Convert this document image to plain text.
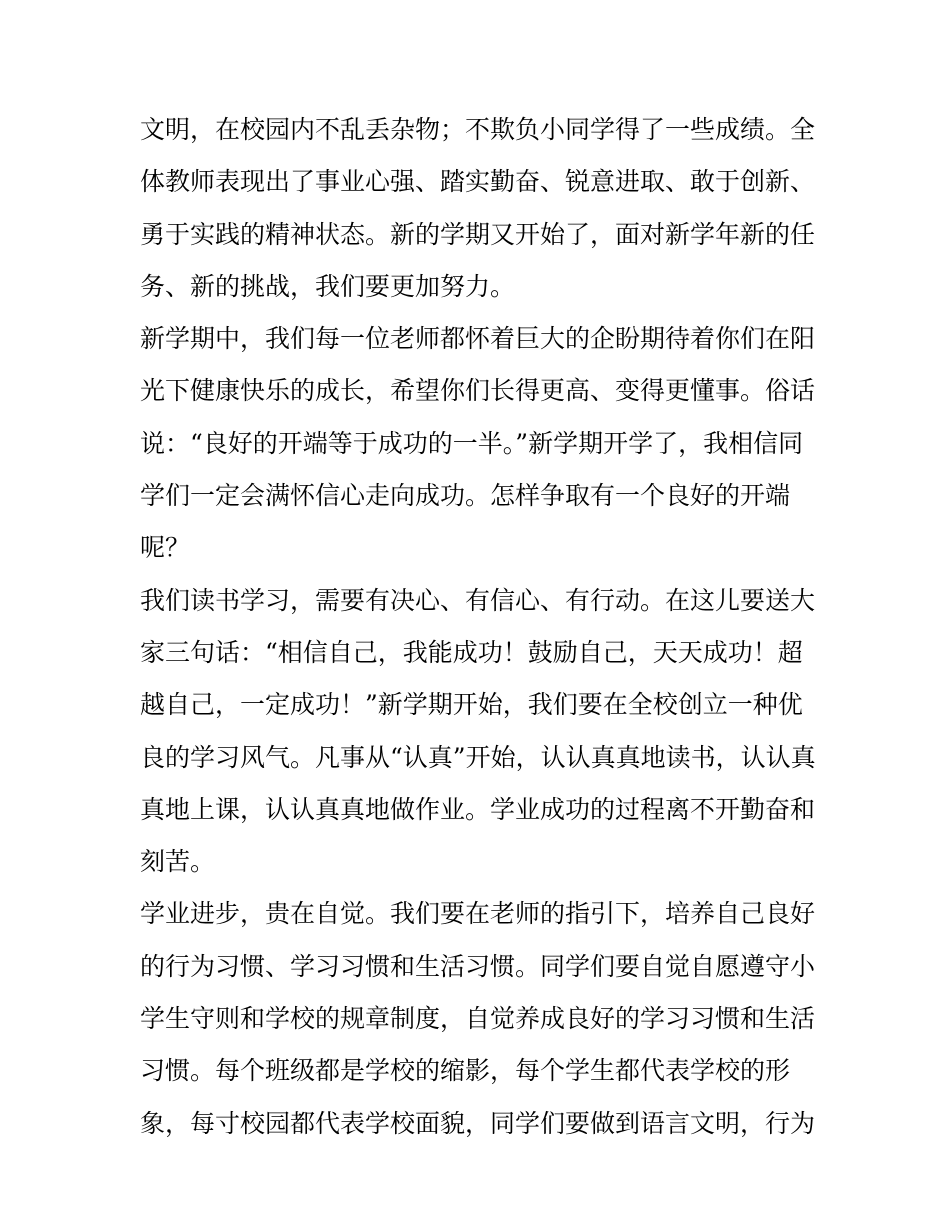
文明，在校园内不乱丢杂物；不欺负小同学得了一些成绩。全
体教师表现出了事业心强、踏实勤奋、锐意进取、敢于创新、
勇于实践的精神状态。新的学期又开始了，面对新学年新的任
务、新的挑战，我们要更加努力。
新学期中，我们每一位老师都怀着巨大的企盼期待着你们在阳
光下健康快乐的成长，希望你们长得更高、变得更懂事。俗话
说：“良好的开端等于成功的一半。”新学期开学了，我相信同
学们一定会满怀信心走向成功。怎样争取有一个良好的开端
呢？
我们读书学习，需要有决心、有信心、有行动。在这儿要送大
家三句话：“相信自己，我能成功！鼓励自己，天天成功！超
越自己，一定成功！”新学期开始，我们要在全校创立一种优
良的学习风气。凡事从“认真”开始，认认真真地读书，认认真
真地上课，认认真真地做作业。学业成功的过程离不开勤奋和
刻苦。
学业进步，贵在自觉。我们要在老师的指引下，培养自己良好
的行为习惯、学习习惯和生活习惯。同学们要自觉自愿遵守小
学生守则和学校的规章制度，自觉养成良好的学习习惯和生活
习惯。每个班级都是学校的缩影，每个学生都代表学校的形
象，每寸校园都代表学校面貌，同学们要做到语言文明，行为
